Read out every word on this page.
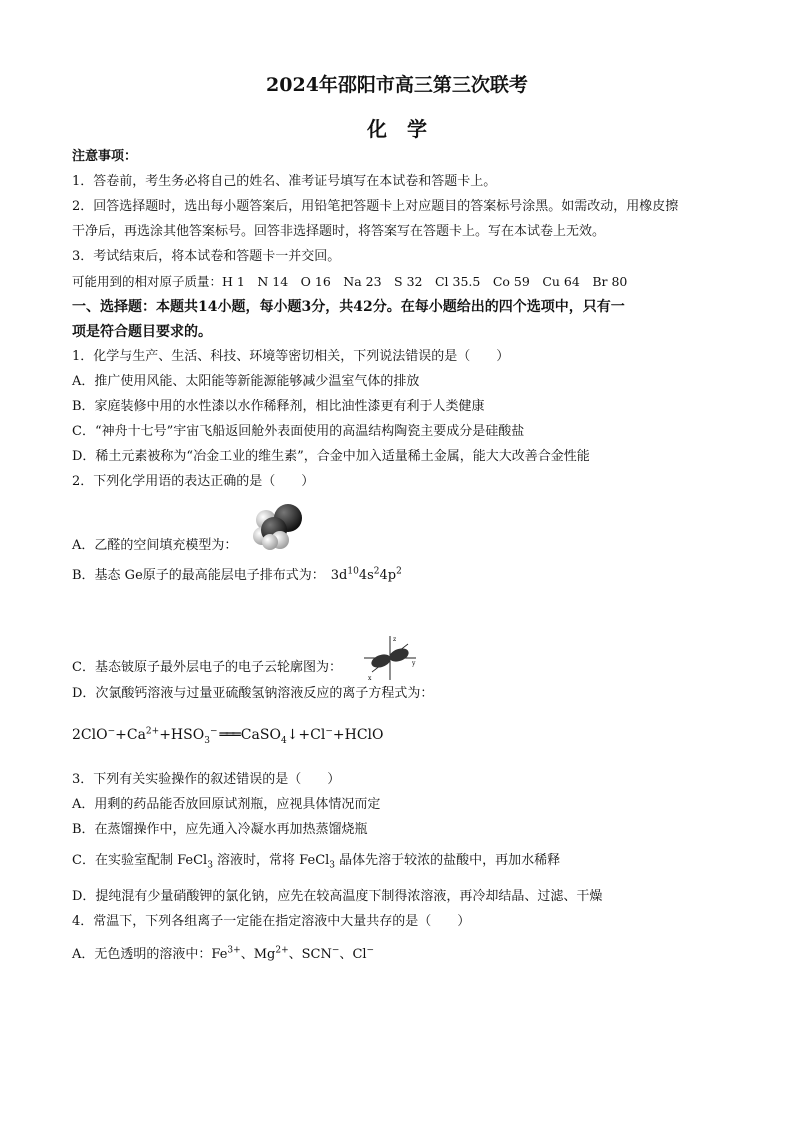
2024年邵阳市高三第三次联考
化　学
注意事项：
1．答卷前，考生务必将自己的姓名、准考证号填写在本试卷和答题卡上。
2．回答选择题时，选出每小题答案后，用铅笔把答题卡上对应题目的答案标号涂黑。如需改动，用橡皮擦
干净后，再选涂其他答案标号。回答非选择题时，将答案写在答题卡上。写在本试卷上无效。
3．考试结束后，将本试卷和答题卡一并交回。
可能用到的相对原子质量：H 1　N 14　O 16　Na 23　S 32　Cl 35.5　Co 59　Cu 64　Br 80
一、选择题：本题共14小题，每小题3分，共42分。在每小题给出的四个选项中，只有一
项是符合题目要求的。
1．化学与生产、生活、科技、环境等密切相关，下列说法错误的是（　　）
A．推广使用风能、太阳能等新能源能够减少温室气体的排放
B．家庭装修中用的水性漆以水作稀释剂，相比油性漆更有利于人类健康
C．“神舟十七号”宇宙飞船返回舱外表面使用的高温结构陶瓷主要成分是硅酸盐
D．稀土元素被称为“冶金工业的维生素”，合金中加入适量稀土金属，能大大改善合金性能
2．下列化学用语的表达正确的是（　　）
A．乙醛的空间填充模型为：
B．基态 Ge原子的最高能层电子排布式为： $3d^{10}4s^24p^2$
z
y
x
C．基态铍原子最外层电子的电子云轮廓图为：
D．次氯酸钙溶液与过量亚硫酸氢钠溶液反应的离子方程式为：
$2ClO^-+Ca^{2+}+HSO_3^-$ ═══ CaSO$_4$↓+Cl−+HClO
3．下列有关实验操作的叙述错误的是（　　）
A．用剩的药品能否放回原试剂瓶，应视具体情况而定
B．在蒸馏操作中，应先通入冷凝水再加热蒸馏烧瓶
C．在实验室配制 FeCl$_3$ 溶液时，常将 FeCl$_3$ 晶体先溶于较浓的盐酸中，再加水稀释
D．提纯混有少量硝酸钾的氯化钠，应先在较高温度下制得浓溶液，再冷却结晶、过滤、干燥
4．常温下，下列各组离子一定能在指定溶液中大量共存的是（　　）
A．无色透明的溶液中：$Fe^{3+}$、$Mg^{2+}$、SCN−、Cl−
